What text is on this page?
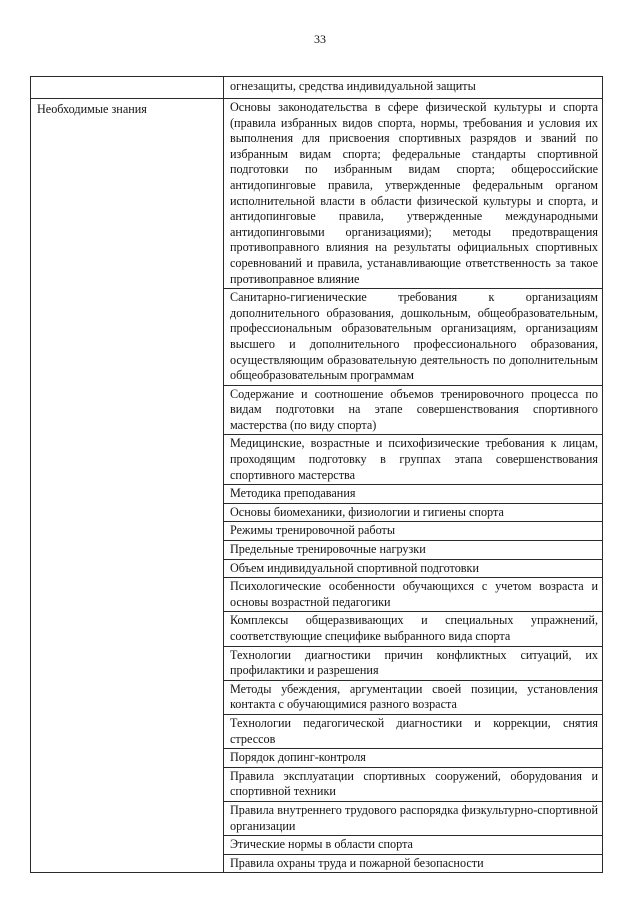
33
огнезащиты, средства индивидуальной защиты
Необходимые знания	Основы законодательства в сфере физической культуры и спорта (правила избранных видов спорта, нормы, требования и условия их выполнения для присвоения спортивных разрядов и званий по избранным видам спорта; федеральные стандарты спортивной подготовки по избранным видам спорта; общероссийские антидопинговые правила, утвержденные федеральным органом исполнительной власти в области физической культуры и спорта, и антидопинговые правила, утвержденные международными антидопинговыми организациями); методы предотвращения противоправного влияния на результаты официальных спортивных соревнований и правила, устанавливающие ответственность за такое противоправное влияние
Санитарно-гигиенические требования к организациям дополнительного образования, дошкольным, общеобразовательным, профессиональным образовательным организациям, организациям высшего и дополнительного профессионального образования, осуществляющим образовательную деятельность по дополнительным общеобразовательным программам
Содержание и соотношение объемов тренировочного процесса по видам подготовки на этапе совершенствования спортивного мастерства (по виду спорта)
Медицинские, возрастные и психофизические требования к лицам, проходящим подготовку в группах этапа совершенствования спортивного мастерства
Методика преподавания
Основы биомеханики, физиологии и гигиены спорта
Режимы тренировочной работы
Предельные тренировочные нагрузки
Объем индивидуальной спортивной подготовки
Психологические особенности обучающихся с учетом возраста и основы возрастной педагогики
Комплексы общеразвивающих и специальных упражнений, соответствующие специфике выбранного вида спорта
Технологии диагностики причин конфликтных ситуаций, их профилактики и разрешения
Методы убеждения, аргументации своей позиции, установления контакта с обучающимися разного возраста
Технологии педагогической диагностики и коррекции, снятия стрессов
Порядок допинг-контроля
Правила эксплуатации спортивных сооружений, оборудования и спортивной техники
Правила внутреннего трудового распорядка физкультурно-спортивной организации
Этические нормы в области спорта
Правила охраны труда и пожарной безопасности
